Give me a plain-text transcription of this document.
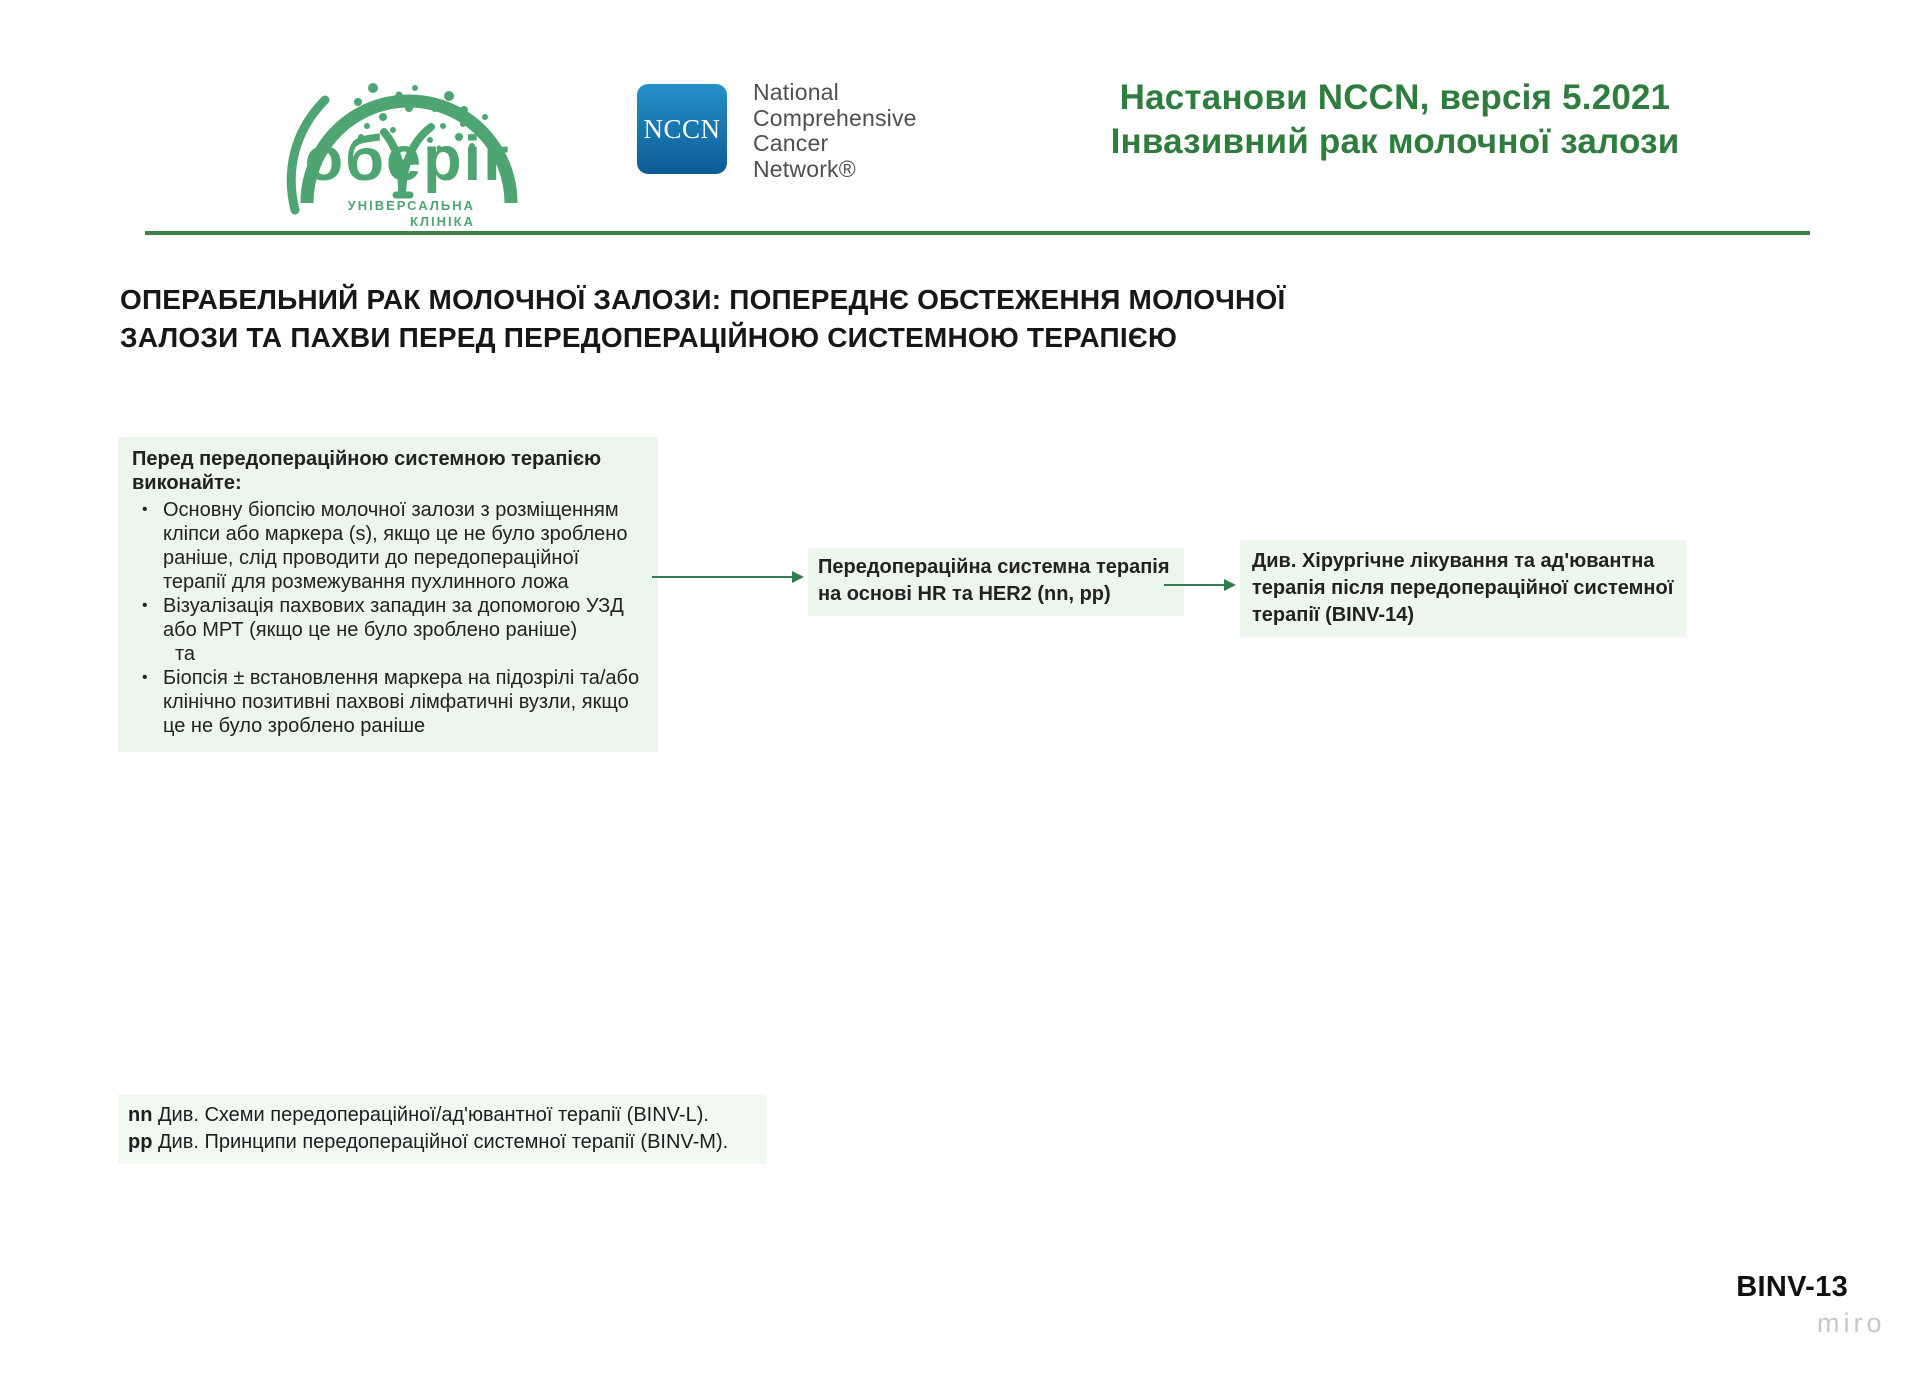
оберіг
УНІВЕРСАЛЬНА
КЛІНІКА
NCCN
National
Comprehensive
Cancer
Network®
Настанови NCCN, версія 5.2021
Інвазивний рак молочної залози
ОПЕРАБЕЛЬНИЙ РАК МОЛОЧНОЇ ЗАЛОЗИ: ПОПЕРЕДНЄ ОБСТЕЖЕННЯ МОЛОЧНОЇ ЗАЛОЗИ ТА ПАХВИ ПЕРЕД ПЕРЕДОПЕРАЦІЙНОЮ СИСТЕМНОЮ ТЕРАПІЄЮ
Перед передопераційною системною терапією виконайте:
• Основну біопсію молочної залози з розміщенням кліпси або маркера (s), якщо це не було зроблено раніше, слід проводити до передопераційної терапії для розмежування пухлинного ложа
• Візуалізація пахвових западин за допомогою УЗД або МРТ (якщо це не було зроблено раніше)
та
• Біопсія ± встановлення маркера на підозрілі та/або клінічно позитивні пахвові лімфатичні вузли, якщо це не було зроблено раніше
Передопераційна системна терапія
на основі HR та HER2 (nn, pp)
Див. Хірургічне лікування та ад'ювантна терапія після передопераційної системної терапії (BINV-14)
nn Див. Схеми передопераційної/ад'ювантної терапії (BINV-L).
pp Див. Принципи передопераційної системної терапії (BINV-M).
BINV-13
miro
